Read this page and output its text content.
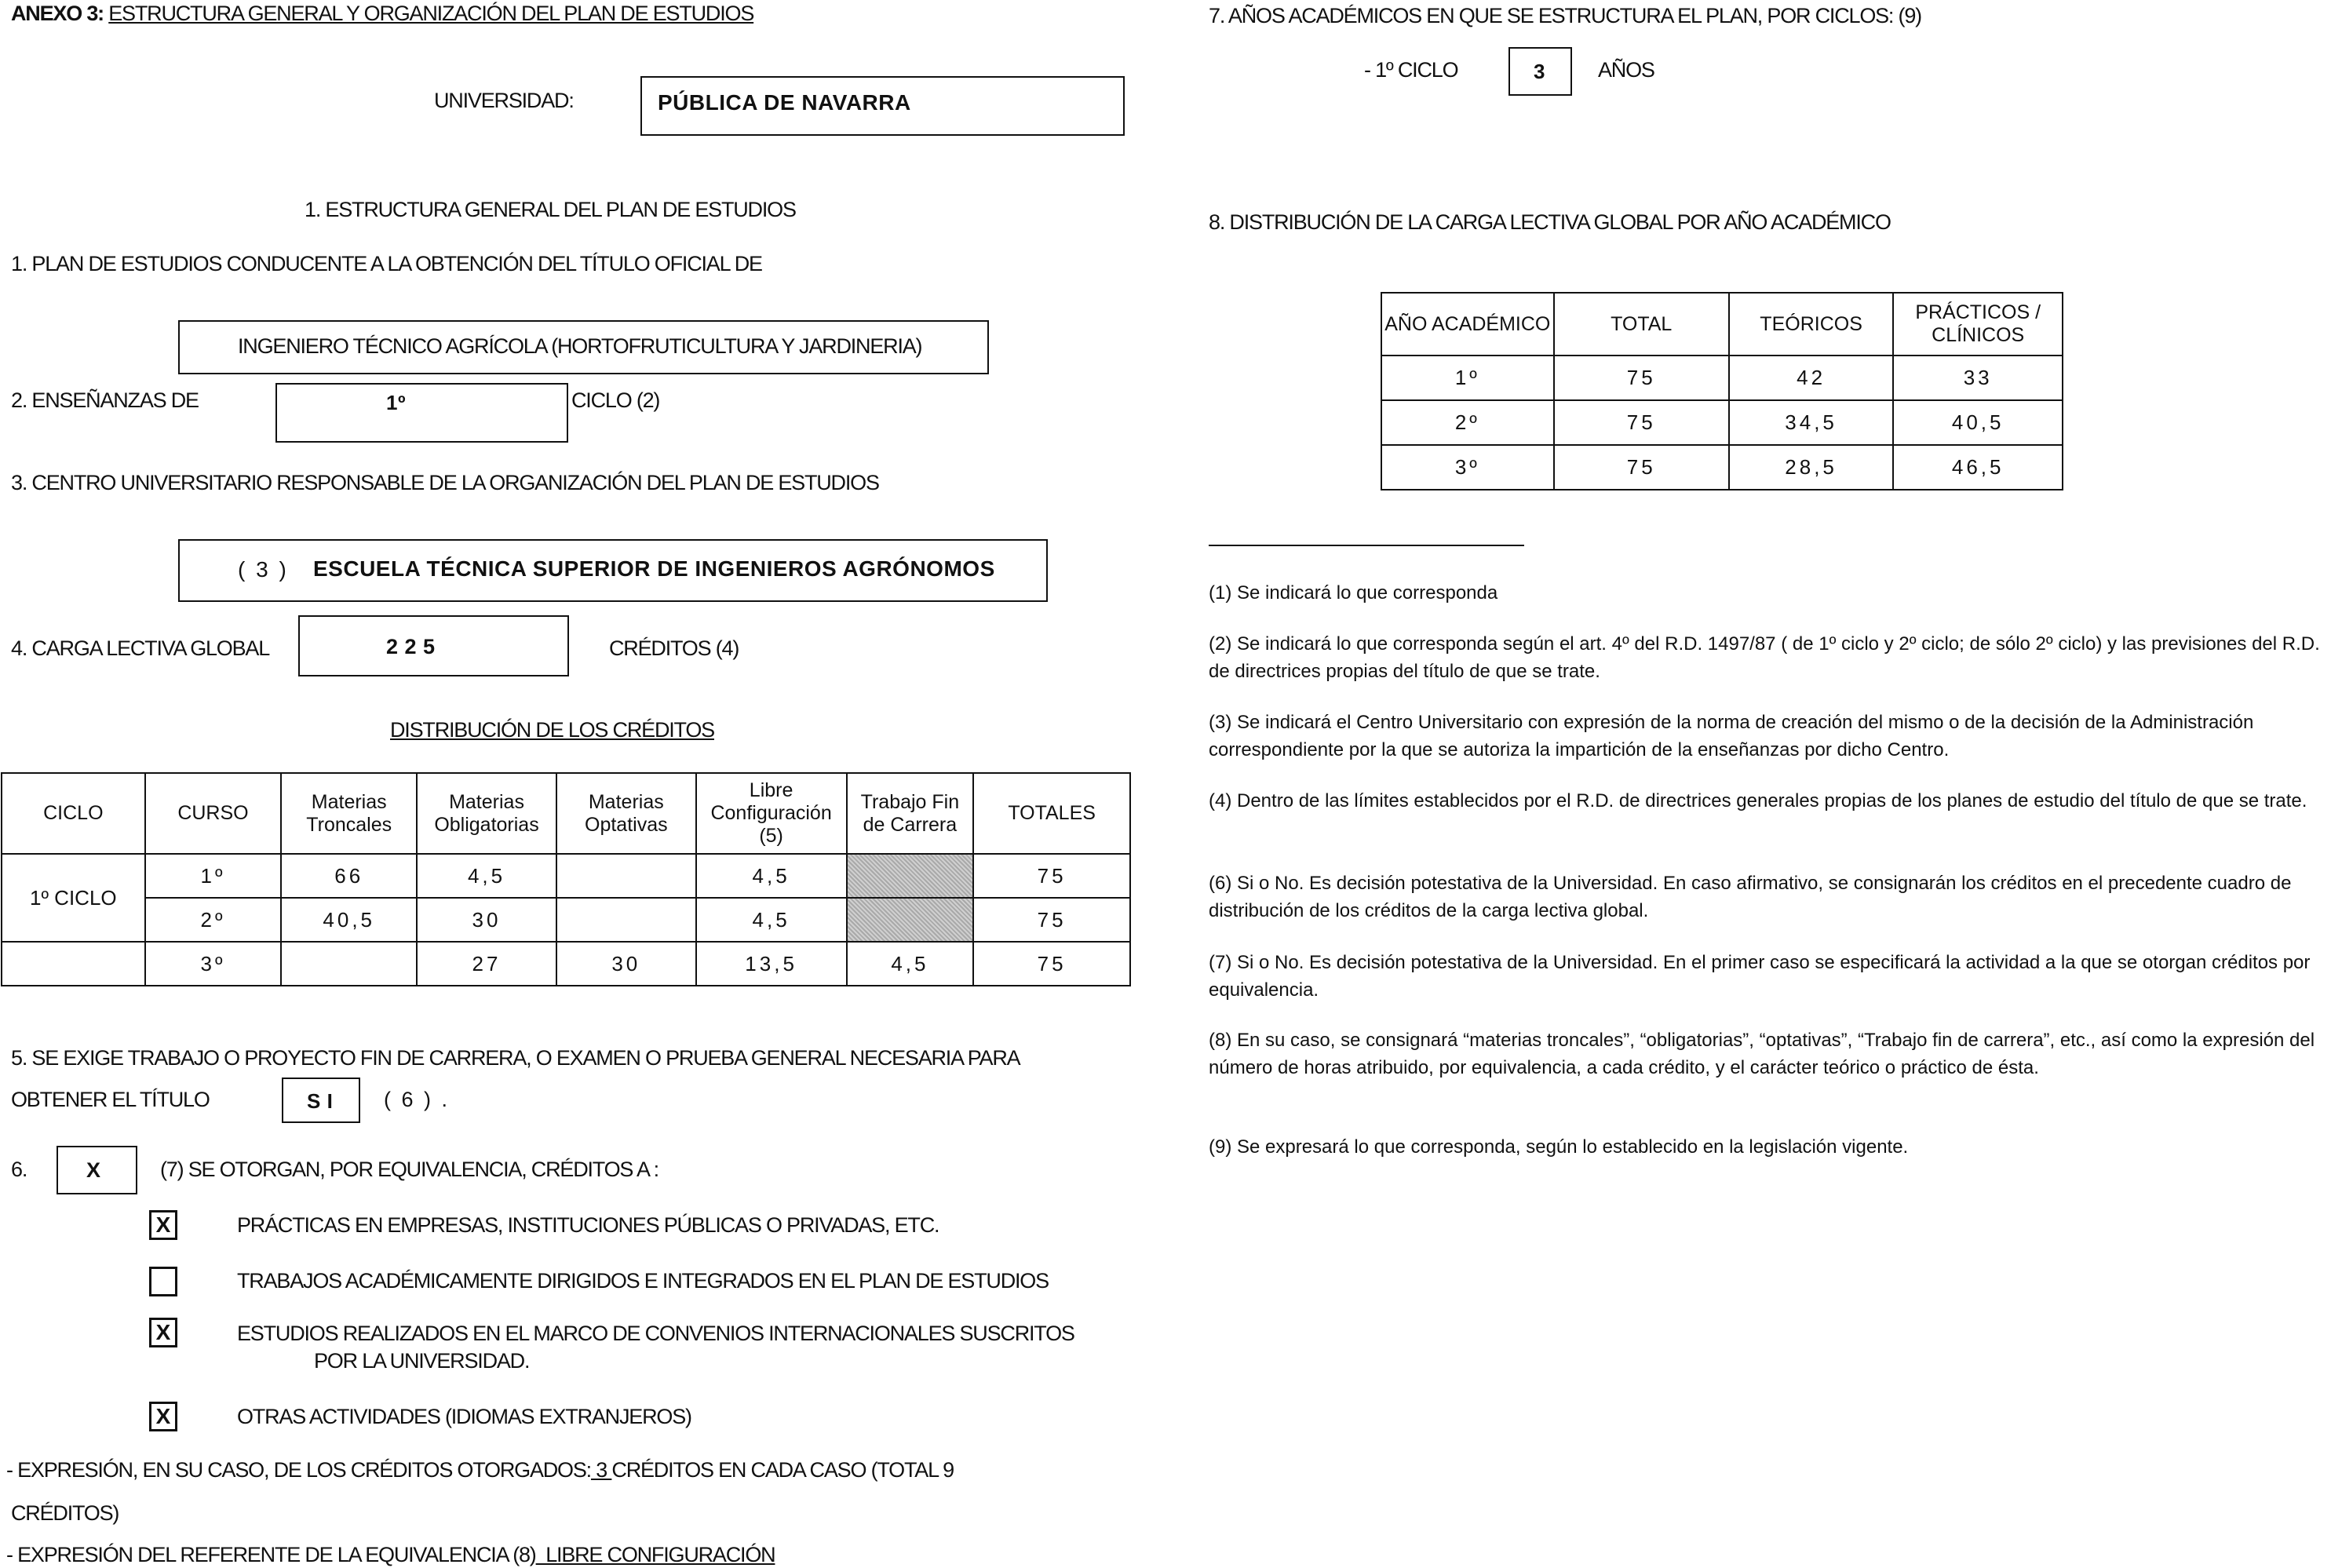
ANEXO 3: ESTRUCTURA GENERAL Y ORGANIZACIÓN DEL PLAN DE ESTUDIOS
UNIVERSIDAD:	PÚBLICA DE NAVARRA
1. ESTRUCTURA GENERAL DEL PLAN DE ESTUDIOS
1. PLAN DE ESTUDIOS CONDUCENTE A LA OBTENCIÓN DEL TÍTULO OFICIAL DE
INGENIERO TÉCNICO AGRÍCOLA (HORTOFRUTICULTURA Y JARDINERIA)
2. ENSEÑANZAS DE	1º	CICLO (2)
3. CENTRO UNIVERSITARIO RESPONSABLE DE LA ORGANIZACIÓN DEL PLAN DE ESTUDIOS
( 3 ) ESCUELA TÉCNICA SUPERIOR DE INGENIEROS AGRÓNOMOS
4. CARGA LECTIVA GLOBAL	2 2 5	CRÉDITOS (4)
DISTRIBUCIÓN DE LOS CRÉDITOS
CICLO	CURSO	Materias Troncales	Materias Obligatorias	Materias Optativas	Libre Configuración (5)	Trabajo Fin de Carrera	TOTALES
1º CICLO	1º	66	4,5		4,5		75
	2º	40,5	30		4,5		75
	3º		27	30	13,5	4,5	75
5. SE EXIGE TRABAJO O PROYECTO FIN DE CARRERA, O EXAMEN O PRUEBA GENERAL NECESARIA PARA
OBTENER EL TÍTULO	S I ( 6 ) .
6.	X	(7) SE OTORGAN, POR EQUIVALENCIA, CRÉDITOS A :
X	PRÁCTICAS EN EMPRESAS, INSTITUCIONES PÚBLICAS O PRIVADAS, ETC.
TRABAJOS ACADÉMICAMENTE DIRIGIDOS E INTEGRADOS EN EL PLAN DE ESTUDIOS
X	ESTUDIOS REALIZADOS EN EL MARCO DE CONVENIOS INTERNACIONALES SUSCRITOS
POR LA UNIVERSIDAD.
X	OTRAS ACTIVIDADES (IDIOMAS EXTRANJEROS)
- EXPRESIÓN, EN SU CASO, DE LOS CRÉDITOS OTORGADOS: 3 CRÉDITOS EN CADA CASO (TOTAL 9
CRÉDITOS)
- EXPRESIÓN DEL REFERENTE DE LA EQUIVALENCIA (8)  LIBRE CONFIGURACIÓN
7. AÑOS ACADÉMICOS EN QUE SE ESTRUCTURA EL PLAN, POR CICLOS: (9)
- 1º CICLO	3 AÑOS
8. DISTRIBUCIÓN DE LA CARGA LECTIVA GLOBAL POR AÑO ACADÉMICO
AÑO ACADÉMICO	TOTAL	TEÓRICOS	PRÁCTICOS / CLÍNICOS
1º	75	42	33
2º	75	34,5	40,5
3º	75	28,5	46,5
(1) Se indicará lo que corresponda
(2) Se indicará lo que corresponda según el art. 4º del R.D. 1497/87 ( de 1º ciclo y 2º ciclo; de sólo 2º ciclo) y las previsiones del R.D. de directrices propias del título de que se trate.
(3) Se indicará el Centro Universitario con expresión de la norma de creación del mismo o de la decisión de la Administración correspondiente por la que se autoriza la impartición de la enseñanzas por dicho Centro.
(4) Dentro de las límites establecidos por el R.D. de directrices generales propias de los planes de estudio del título de que se trate.
(6) Si o No. Es decisión potestativa de la Universidad. En caso afirmativo, se consignarán los créditos en el precedente cuadro de distribución de los créditos de la carga lectiva global.
(7) Si o No. Es decisión potestativa de la Universidad. En el primer caso se especificará la actividad a la que se otorgan créditos por equivalencia.
(8) En su caso, se consignará “materias troncales”, “obligatorias”, “optativas”, “Trabajo fin de carrera”, etc., así como la expresión del número de horas atribuido, por equivalencia, a cada crédito, y el carácter teórico o práctico de ésta.
(9) Se expresará lo que corresponda, según lo establecido en la legislación vigente.
